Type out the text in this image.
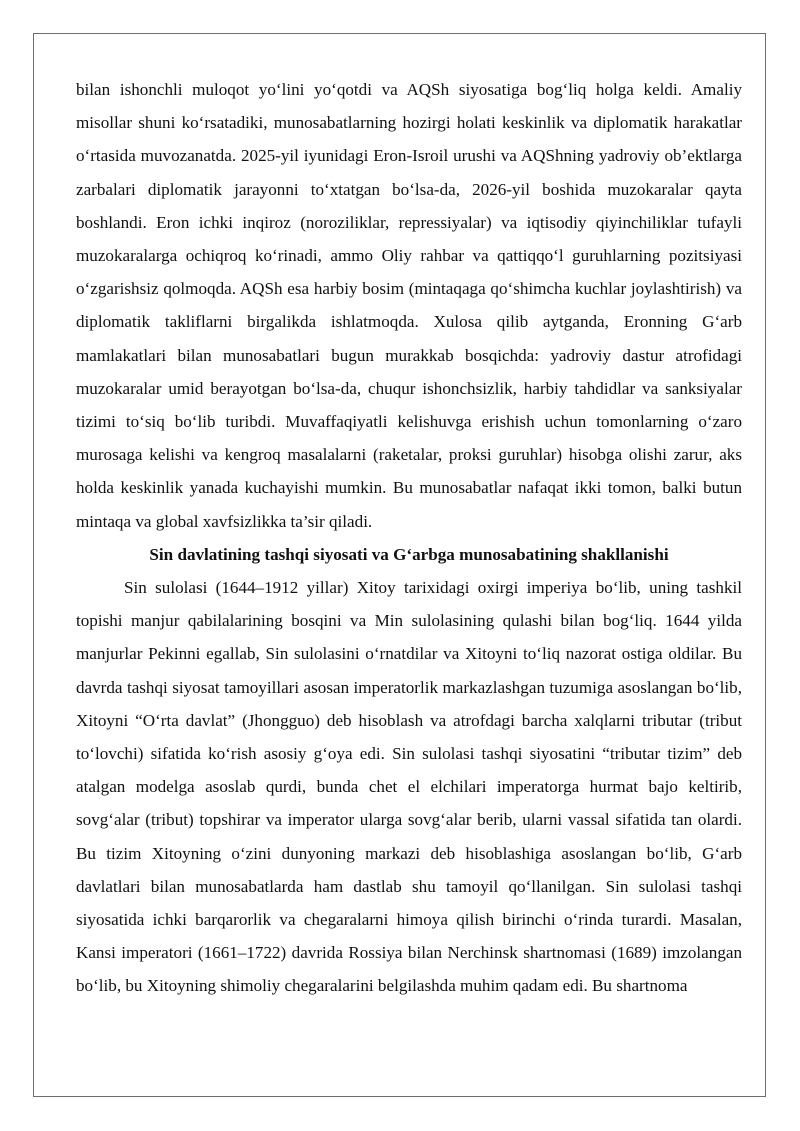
bilan ishonchli muloqot yo‘lini yo‘qotdi va AQSh siyosatiga bog‘liq holga keldi. Amaliy misollar shuni ko‘rsatadiki, munosabatlarning hozirgi holati keskinlik va diplomatik harakatlar o‘rtasida muvozanatda. 2025-yil iyunidagi Eron-Isroil urushi va AQShning yadroviy ob’ektlarga zarbalari diplomatik jarayonni to‘xtatgan bo‘lsa-da, 2026-yil boshida muzokaralar qayta boshlandi. Eron ichki inqiroz (noroziliklar, repressiyalar) va iqtisodiy qiyinchiliklar tufayli muzokaralarga ochiqroq ko‘rinadi, ammo Oliy rahbar va qattiqqo‘l guruhlarning pozitsiyasi o‘zgarishsiz qolmoqda. AQSh esa harbiy bosim (mintaqaga qo‘shimcha kuchlar joylashtirish) va diplomatik takliflarni birgalikda ishlatmoqda. Xulosa qilib aytganda, Eronning G‘arb mamlakatlari bilan munosabatlari bugun murakkab bosqichda: yadroviy dastur atrofidagi muzokaralar umid berayotgan bo‘lsa-da, chuqur ishonchsizlik, harbiy tahdidlar va sanksiyalar tizimi to‘siq bo‘lib turibdi. Muvaffaqiyatli kelishuvga erishish uchun tomonlarning o‘zaro murosaga kelishi va kengroq masalalarni (raketalar, proksi guruhlar) hisobga olishi zarur, aks holda keskinlik yanada kuchayishi mumkin. Bu munosabatlar nafaqat ikki tomon, balki butun mintaqa va global xavfsizlikka ta’sir qiladi.

Sin davlatining tashqi siyosati va G‘arbga munosabatining shakllanishi

Sin sulolasi (1644–1912 yillar) Xitoy tarixidagi oxirgi imperiya bo‘lib, uning tashkil topishi manjur qabilalarining bosqini va Min sulolasining qulashi bilan bog‘liq. 1644 yilda manjurlar Pekinni egallab, Sin sulolasini o‘rnatdilar va Xitoyni to‘liq nazorat ostiga oldilar. Bu davrda tashqi siyosat tamoyillari asosan imperatorlik markazlashgan tuzumiga asoslangan bo‘lib, Xitoyni “O‘rta davlat” (Jhongguo) deb hisoblash va atrofdagi barcha xalqlarni tributar (tribut to‘lovchi) sifatida ko‘rish asosiy g‘oya edi. Sin sulolasi tashqi siyosatini “tributar tizim” deb atalgan modelga asoslab qurdi, bunda chet el elchilari imperatorga hurmat bajo keltirib, sovg‘alar (tribut) topshirar va imperator ularga sovg‘alar berib, ularni vassal sifatida tan olardi. Bu tizim Xitoyning o‘zini dunyoning markazi deb hisoblashiga asoslangan bo‘lib, G‘arb davlatlari bilan munosabatlarda ham dastlab shu tamoyil qo‘llanilgan. Sin sulolasi tashqi siyosatida ichki barqarorlik va chegaralarni himoya qilish birinchi o‘rinda turardi. Masalan, Kansi imperatori (1661–1722) davrida Rossiya bilan Nerchinsk shartnomasi (1689) imzolangan bo‘lib, bu Xitoyning shimoliy chegaralarini belgilashda muhim qadam edi. Bu shartnoma
